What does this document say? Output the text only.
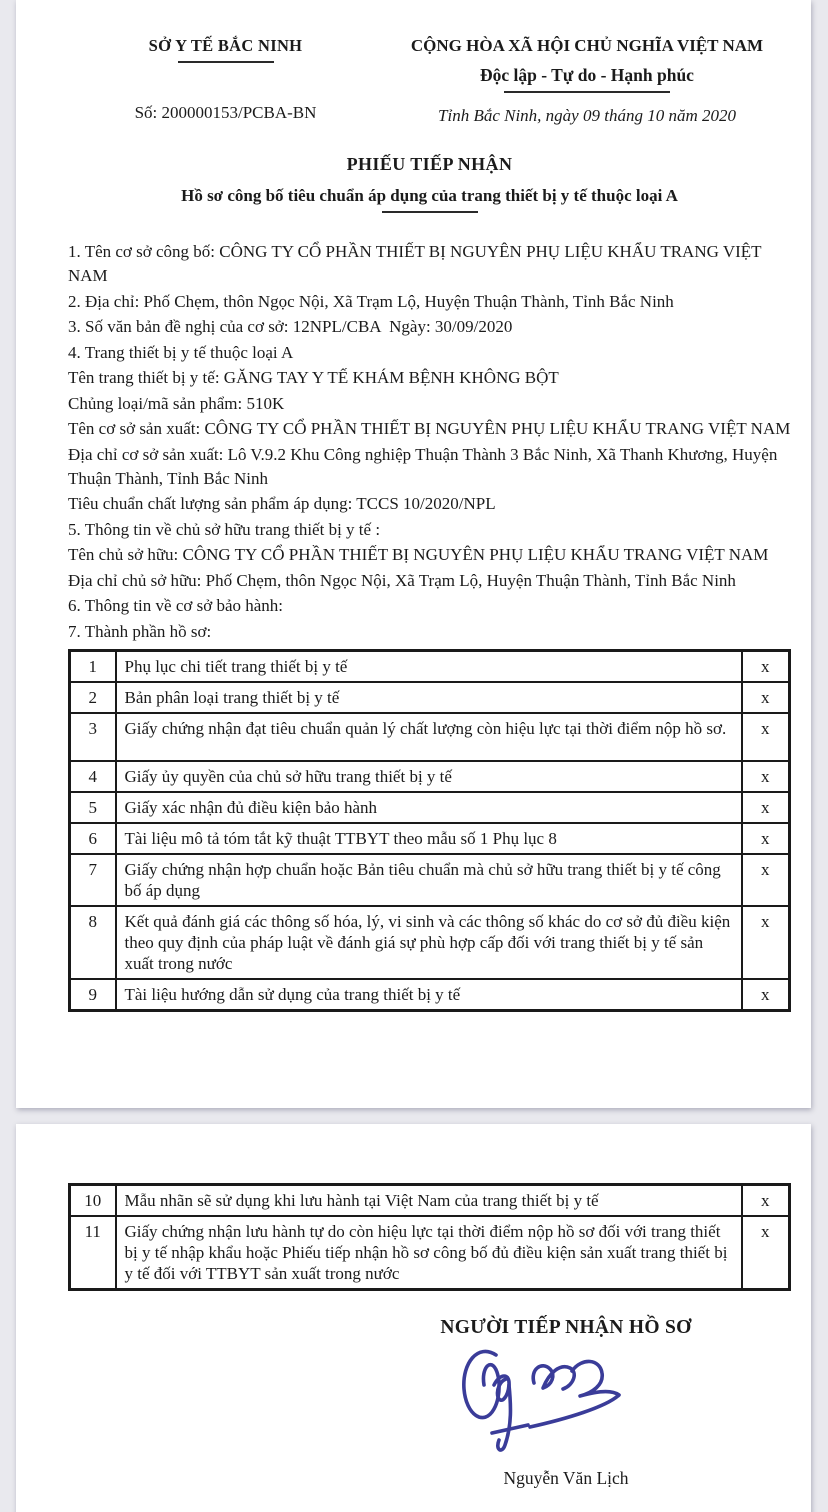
SỞ Y TẾ BẮC NINH
Số: 200000153/PCBA-BN
CỘNG HÒA XÃ HỘI CHỦ NGHĨA VIỆT NAM
Độc lập - Tự do - Hạnh phúc
Tỉnh Bắc Ninh, ngày 09 tháng 10 năm 2020
PHIẾU TIẾP NHẬN
Hồ sơ công bố tiêu chuẩn áp dụng của trang thiết bị y tế thuộc loại A

1. Tên cơ sở công bố: CÔNG TY CỔ PHẦN THIẾT BỊ NGUYÊN PHỤ LIỆU KHẨU TRANG VIỆT NAM

2. Địa chỉ: Phố Chẹm, thôn Ngọc Nội, Xã Trạm Lộ, Huyện Thuận Thành, Tỉnh Bắc Ninh

3. Số văn bản đề nghị của cơ sở: 12NPL/CBA  Ngày: 30/09/2020

4. Trang thiết bị y tế thuộc loại A

Tên trang thiết bị y tế: GĂNG TAY Y TẾ KHÁM BỆNH KHÔNG BỘT

Chủng loại/mã sản phẩm: 510K

Tên cơ sở sản xuất: CÔNG TY CỔ PHẦN THIẾT BỊ NGUYÊN PHỤ LIỆU KHẨU TRANG VIỆT NAM

Địa chỉ cơ sở sản xuất: Lô V.9.2 Khu Công nghiệp Thuận Thành 3 Bắc Ninh, Xã Thanh Khương, Huyện Thuận Thành, Tỉnh Bắc Ninh

Tiêu chuẩn chất lượng sản phẩm áp dụng: TCCS 10/2020/NPL

5. Thông tin về chủ sở hữu trang thiết bị y tế :

Tên chủ sở hữu: CÔNG TY CỔ PHẦN THIẾT BỊ NGUYÊN PHỤ LIỆU KHẨU TRANG VIỆT NAM

Địa chỉ chủ sở hữu: Phố Chẹm, thôn Ngọc Nội, Xã Trạm Lộ, Huyện Thuận Thành, Tỉnh Bắc Ninh

6. Thông tin về cơ sở bảo hành:

7. Thành phần hồ sơ:

1	Phụ lục chi tiết trang thiết bị y tế	x
2	Bản phân loại trang thiết bị y tế	x
3	Giấy chứng nhận đạt tiêu chuẩn quản lý chất lượng còn hiệu lực tại thời điểm nộp hồ sơ.	x
4	Giấy ủy quyền của chủ sở hữu trang thiết bị y tế	x
5	Giấy xác nhận đủ điều kiện bảo hành	x
6	Tài liệu mô tả tóm tắt kỹ thuật TTBYT theo mẫu số 1 Phụ lục 8	x
7	Giấy chứng nhận hợp chuẩn hoặc Bản tiêu chuẩn mà chủ sở hữu trang thiết bị y tế công bố áp dụng	x
8	Kết quả đánh giá các thông số hóa, lý, vi sinh và các thông số khác do cơ sở đủ điều kiện theo quy định của pháp luật về đánh giá sự phù hợp cấp đối với trang thiết bị y tế sản xuất trong nước	x
9	Tài liệu hướng dẫn sử dụng của trang thiết bị y tế	x
10	Mẫu nhãn sẽ sử dụng khi lưu hành tại Việt Nam của trang thiết bị y tế	x
11	Giấy chứng nhận lưu hành tự do còn hiệu lực tại thời điểm nộp hồ sơ đối với trang thiết bị y tế nhập khẩu hoặc Phiếu tiếp nhận hồ sơ công bố đủ điều kiện sản xuất trang thiết bị y tế đối với TTBYT sản xuất trong nước	x
NGƯỜI TIẾP NHẬN HỒ SƠ
Nguyễn Văn Lịch
